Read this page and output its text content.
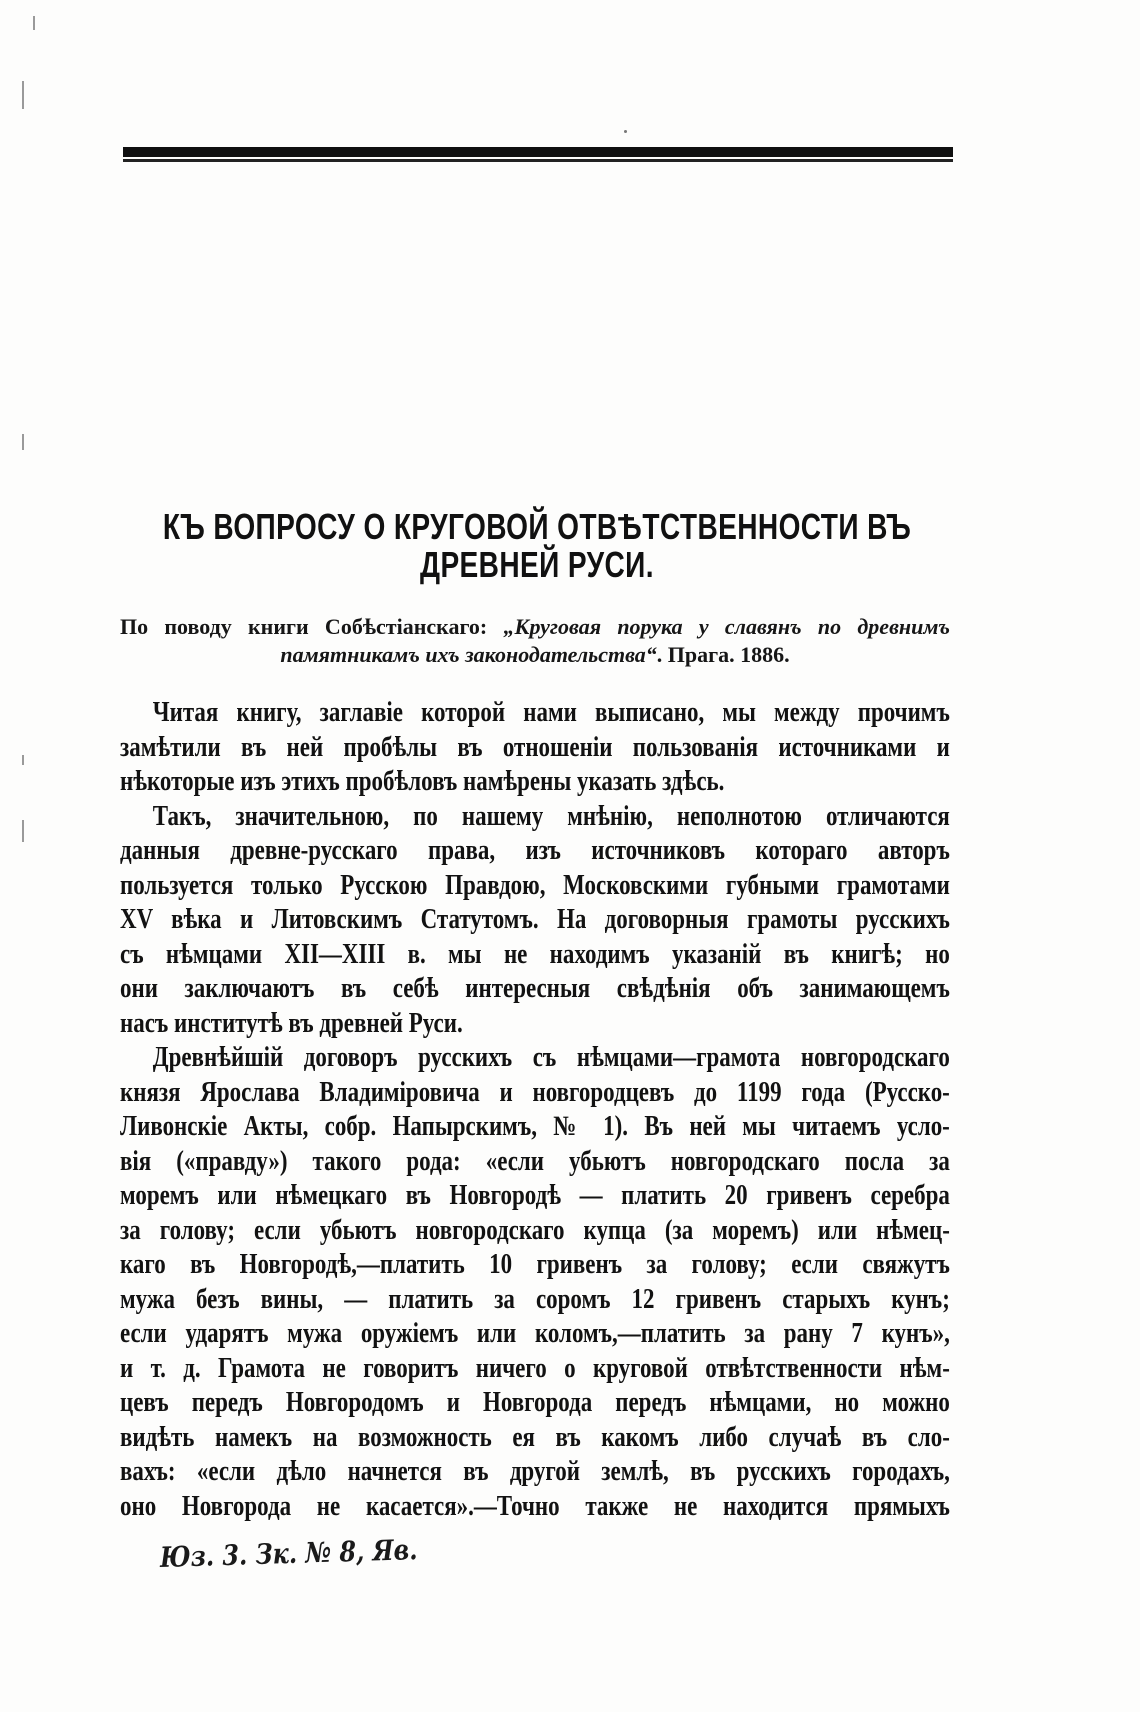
КЪ ВОПРОСУ О КРУГОВОЙ ОТВѢТСТВЕННОСТИ ВЪ
ДРЕВНЕЙ РУСИ.
По поводу книги Собѣстіанскаго: „Круговая порука у славянъ по древнимъ
памятникамъ ихъ законодательства“. Прага. 1886.
Читая книгу, заглавіе которой нами выписано, мы между прочимъ
замѣтили въ ней пробѣлы въ отношеніи пользованія источниками и
нѣкоторые изъ этихъ пробѣловъ намѣрены указать здѣсь.
Такъ, значительною, по нашему мнѣнію, неполнотою отличаются
данныя древне-русскаго права, изъ источниковъ котораго авторъ
пользуется только Русскою Правдою, Московскими губными грамотами
XV вѣка и Литовскимъ Статутомъ. На договорныя грамоты русскихъ
съ нѣмцами XII—XIII в. мы не находимъ указаній въ книгѣ; но
они заключаютъ въ себѣ интересныя свѣдѣнія объ занимающемъ
насъ институтѣ въ древней Руси.
Древнѣйшій договоръ русскихъ съ нѣмцами—грамота новгородскаго
князя Ярослава Владиміровича и новгородцевъ до 1199 года (Русско-
Ливонскіе Акты, собр. Напырскимъ, № 1). Въ ней мы читаемъ усло-
вія («правду») такого рода: «если убьютъ новгородскаго посла за
моремъ или нѣмецкаго въ Новгородѣ — платить 20 гривенъ серебра
за голову; если убьютъ новгородскаго купца (за моремъ) или нѣмец-
каго въ Новгородѣ,—платить 10 гривенъ за голову; если свяжутъ
мужа безъ вины, — платить за соромъ 12 гривенъ старыхъ кунъ;
если ударятъ мужа оружіемъ или коломъ,—платить за рану 7 кунъ»,
и т. д. Грамота не говоритъ ничего о круговой отвѣтственности нѣм-
цевъ передъ Новгородомъ и Новгорода передъ нѣмцами, но можно
видѣть намекъ на возможность ея въ какомъ либо случаѣ въ сло-
вахъ: «если дѣло начнется въ другой землѣ, въ русскихъ городахъ,
оно Новгорода не касается».—Точно также не находится прямыхъ
Юз. 3. Зк. № 8, Яв.
